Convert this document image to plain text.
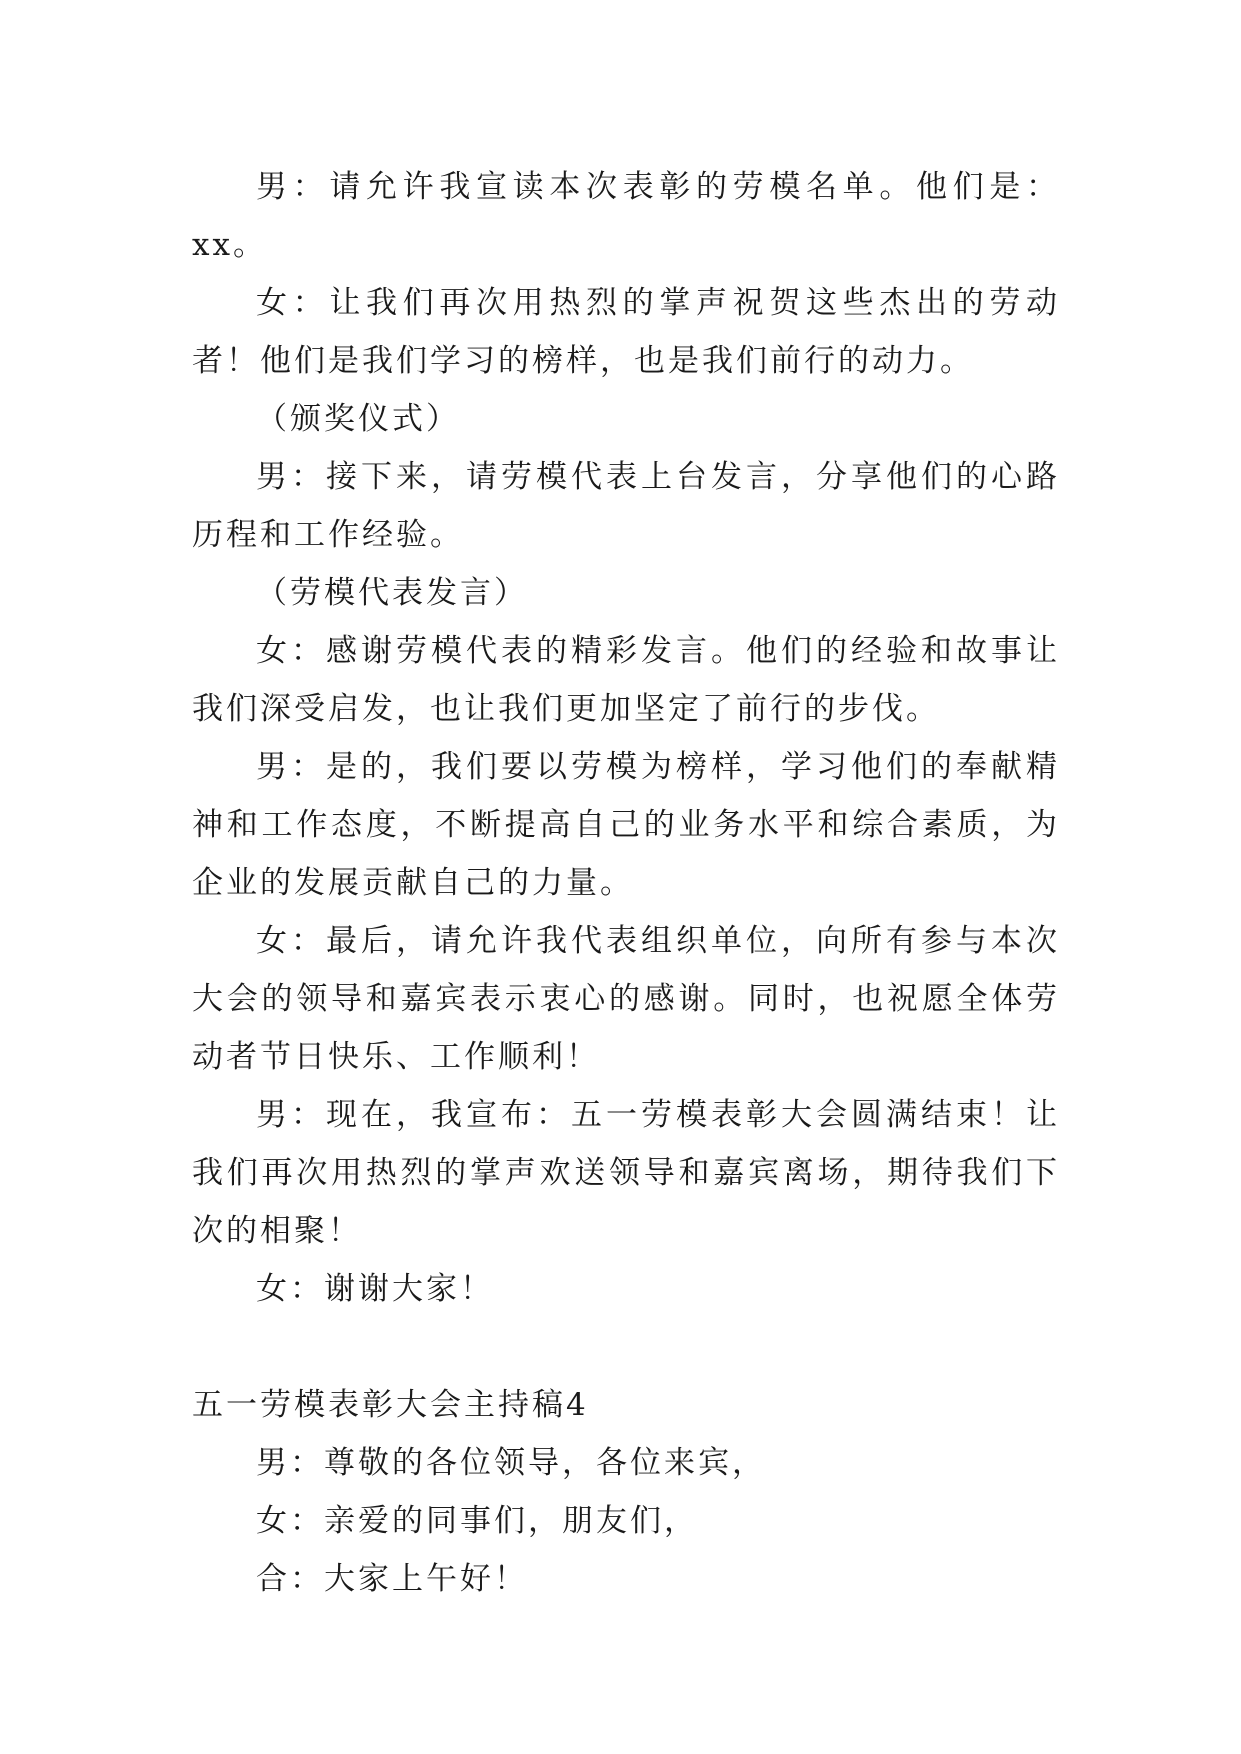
男：请允许我宣读本次表彰的劳模名单。他们是：xx。

女：让我们再次用热烈的掌声祝贺这些杰出的劳动者！他们是我们学习的榜样，也是我们前行的动力。

（颁奖仪式）

男：接下来，请劳模代表上台发言，分享他们的心路历程和工作经验。

（劳模代表发言）

女：感谢劳模代表的精彩发言。他们的经验和故事让我们深受启发，也让我们更加坚定了前行的步伐。

男：是的，我们要以劳模为榜样，学习他们的奉献精神和工作态度，不断提高自己的业务水平和综合素质，为企业的发展贡献自己的力量。

女：最后，请允许我代表组织单位，向所有参与本次大会的领导和嘉宾表示衷心的感谢。同时，也祝愿全体劳动者节日快乐、工作顺利！

男：现在，我宣布：五一劳模表彰大会圆满结束！让我们再次用热烈的掌声欢送领导和嘉宾离场，期待我们下次的相聚！

女：谢谢大家！

五一劳模表彰大会主持稿4

男：尊敬的各位领导，各位来宾，

女：亲爱的同事们，朋友们，

合：大家上午好！
